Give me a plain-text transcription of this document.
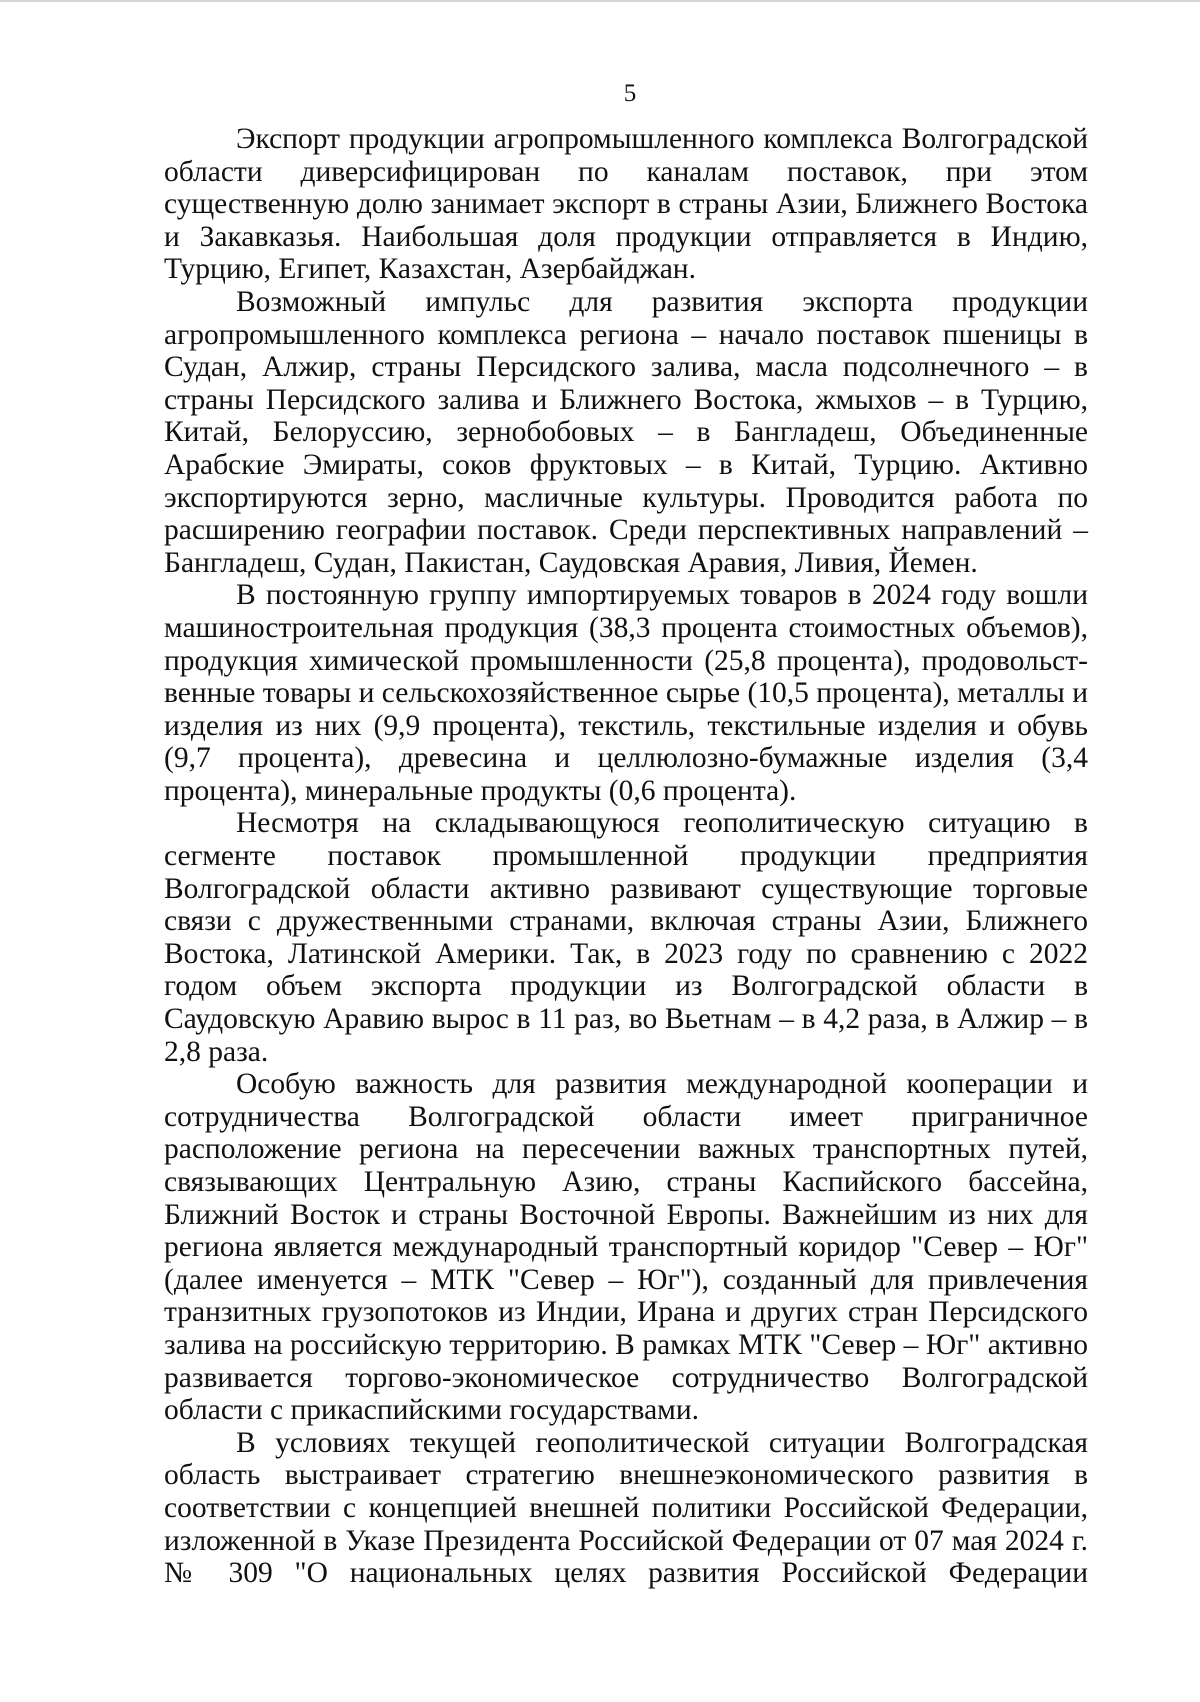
5

Экспорт продукции агропромышленного комплекса Волгоградской области диверсифицирован по каналам поставок, при этом существенную долю занимает экспорт в страны Азии, Ближнего Востока и Закавказья. Наибольшая доля продукции отправляется в Индию, Турцию, Египет, Казахстан, Азербайджан.

Возможный импульс для развития экспорта продукции агропромышленного комплекса региона – начало поставок пшеницы в Судан, Алжир, страны Персидского залива, масла подсолнечного – в страны Персидского залива и Ближнего Востока, жмыхов – в Турцию, Китай, Белоруссию, зернобобовых – в Бангладеш, Объединенные Арабские Эмираты, соков фруктовых – в Китай, Турцию. Активно экспортируются зерно, масличные культуры. Проводится работа по расширению географии поставок. Среди перспективных направлений – Бангладеш, Судан, Пакистан, Саудовская Аравия, Ливия, Йемен.

В постоянную группу импортируемых товаров в 2024 году вошли машиностроительная продукция (38,3 процента стоимостных объемов), продукция химической промышленности (25,8 процента), продовольст-венные товары и сельскохозяйственное сырье (10,5 процента), металлы и изделия из них (9,9 процента), текстиль, текстильные изделия и обувь (9,7 процента), древесина и целлюлозно-бумажные изделия (3,4 процента), минеральные продукты (0,6 процента).

Несмотря на складывающуюся геополитическую ситуацию в сегменте поставок промышленной продукции предприятия Волгоградской области активно развивают существующие торговые связи с дружественными странами, включая страны Азии, Ближнего Востока, Латинской Америки. Так, в 2023 году по сравнению с 2022 годом объем экспорта продукции из Волгоградской области в Саудовскую Аравию вырос в 11 раз, во Вьетнам – в 4,2 раза, в Алжир – в 2,8 раза.

Особую важность для развития международной кооперации и сотрудничества Волгоградской области имеет приграничное расположение региона на пересечении важных транспортных путей, связывающих Центральную Азию, страны Каспийского бассейна, Ближний Восток и страны Восточной Европы. Важнейшим из них для региона является международный транспортный коридор "Север – Юг" (далее именуется – МТК "Север – Юг"), созданный для привлечения транзитных грузопотоков из Индии, Ирана и других стран Персидского залива на российскую территорию. В рамках МТК "Север – Юг" активно развивается торгово-экономическое сотрудничество Волгоградской области с прикаспийскими государствами.

В условиях текущей геополитической ситуации Волгоградская область выстраивает стратегию внешнеэкономического развития в соответствии с концепцией внешней политики Российской Федерации, изложенной в Указе Президента Российской Федерации от 07 мая 2024 г. № 309 "О национальных целях развития Российской Федерации
